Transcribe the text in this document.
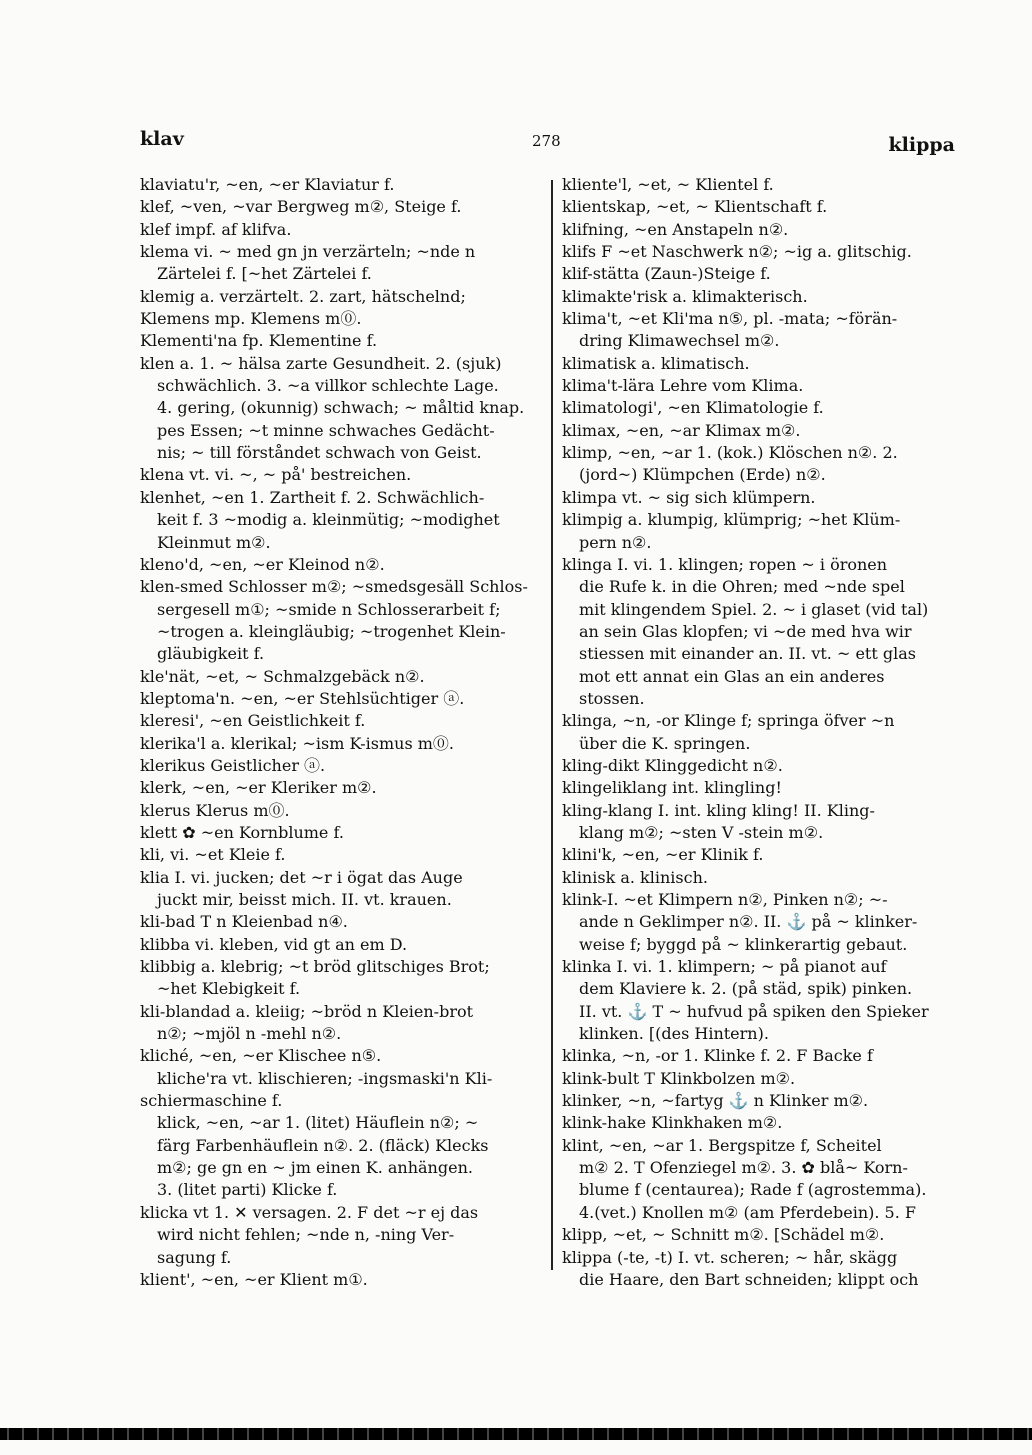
klav	278	klippa
klaviatu'r, ~en, ~er Klaviatur f.
klef, ~ven, ~var Bergweg m②, Steige f.
klef impf. af klifva.
klema vi. ~ med gn jn verzärteln; ~nde n
Zärtelei f. [~het Zärtelei f.
klemig a. verzärtelt. 2. zart, hätschelnd;
Klemens mp. Klemens m⓪.
Klementi'na fp. Klementine f.
klen a. 1. ~ hälsa zarte Gesundheit. 2. (sjuk)
schwächlich. 3. ~a villkor schlechte Lage.
4. gering, (okunnig) schwach; ~ måltid knap.
pes Essen; ~t minne schwaches Gedächt-
nis; ~ till förståndet schwach von Geist.
klena vt. vi. ~, ~ på' bestreichen.
klenhet, ~en 1. Zartheit f. 2. Schwächlich-
keit f. 3 ~modig a. kleinmütig; ~modighet
Kleinmut m②.
kleno'd, ~en, ~er Kleinod n②.
klen-smed Schlosser m②; ~smedsgesäll Schlos-
sergesell m①; ~smide n Schlosserarbeit f;
~trogen a. kleingläubig; ~trogenhet Klein-
gläubigkeit f.
kle'nät, ~et, ~ Schmalzgebäck n②.
kleptoma'n. ~en, ~er Stehlsüchtiger ⓐ.
kleresi', ~en Geistlichkeit f.
klerika'l a. klerikal; ~ism K-ismus m⓪.
klerikus Geistlicher ⓐ.
klerk, ~en, ~er Kleriker m②.
klerus Klerus m⓪.
klett ✿ ~en Kornblume f.
kli, vi. ~et Kleie f.
klia I. vi. jucken; det ~r i ögat das Auge
juckt mir, beisst mich. II. vt. krauen.
kli-bad T n Kleienbad n④.
klibba vi. kleben, vid gt an em D.
klibbig a. klebrig; ~t bröd glitschiges Brot;
~het Klebigkeit f.
kli-blandad a. kleiig; ~bröd n Kleien-brot
n②; ~mjöl n -mehl n②.
kliché, ~en, ~er Klischee n⑤.
kliche'ra vt. klischieren; -ingsmaski'n Kli-
schiermaschine f.
klick, ~en, ~ar 1. (litet) Häuflein n②; ~
färg Farbenhäuflein n②. 2. (fläck) Klecks
m②; ge gn en ~ jm einen K. anhängen.
3. (litet parti) Klicke f.
klicka vt 1. ✕ versagen. 2. F det ~r ej das
wird nicht fehlen; ~nde n, -ning Ver-
sagung f.
klient', ~en, ~er Klient m①.
kliente'l, ~et, ~ Klientel f.
klientskap, ~et, ~ Klientschaft f.
klifning, ~en Anstapeln n②.
klifs F ~et Naschwerk n②; ~ig a. glitschig.
klif-stätta (Zaun-)Steige f.
klimakte'risk a. klimakterisch.
klima't, ~et Kli'ma n⑤, pl. -mata; ~förän-
dring Klimawechsel m②.
klimatisk a. klimatisch.
klima't-lära Lehre vom Klima.
klimatologi', ~en Klimatologie f.
klimax, ~en, ~ar Klimax m②.
klimp, ~en, ~ar 1. (kok.) Klöschen n②. 2.
(jord~) Klümpchen (Erde) n②.
klimpa vt. ~ sig sich klümpern.
klimpig a. klumpig, klümprig; ~het Klüm-
pern n②.
klinga I. vi. 1. klingen; ropen ~ i öronen
die Rufe k. in die Ohren; med ~nde spel
mit klingendem Spiel. 2. ~ i glaset (vid tal)
an sein Glas klopfen; vi ~de med hva wir
stiessen mit einander an. II. vt. ~ ett glas
mot ett annat ein Glas an ein anderes
stossen.
klinga, ~n, -or Klinge f; springa öfver ~n
über die K. springen.
kling-dikt Klinggedicht n②.
klingeliklang int. klingling!
kling-klang I. int. kling kling! II. Kling-
klang m②; ~sten V -stein m②.
klini'k, ~en, ~er Klinik f.
klinisk a. klinisch.
klink-I. ~et Klimpern n②, Pinken n②; ~-
ande n Geklimper n②. II. ⚓ på ~ klinker-
weise f; byggd på ~ klinkerartig gebaut.
klinka I. vi. 1. klimpern; ~ på pianot auf
dem Klaviere k. 2. (på städ, spik) pinken.
II. vt. ⚓ T ~ hufvud på spiken den Spieker
klinken. [(des Hintern).
klinka, ~n, -or 1. Klinke f. 2. F Backe f
klink-bult T Klinkbolzen m②.
klinker, ~n, ~fartyg ⚓ n Klinker m②.
klink-hake Klinkhaken m②.
klint, ~en, ~ar 1. Bergspitze f, Scheitel
m② 2. T Ofenziegel m②. 3. ✿ blå~ Korn-
blume f (centaurea); Rade f (agrostemma).
4.(vet.) Knollen m② (am Pferdebein). 5. F
klipp, ~et, ~ Schnitt m②. [Schädel m②.
klippa (-te, -t) I. vt. scheren; ~ hår, skägg
die Haare, den Bart schneiden; klippt och
